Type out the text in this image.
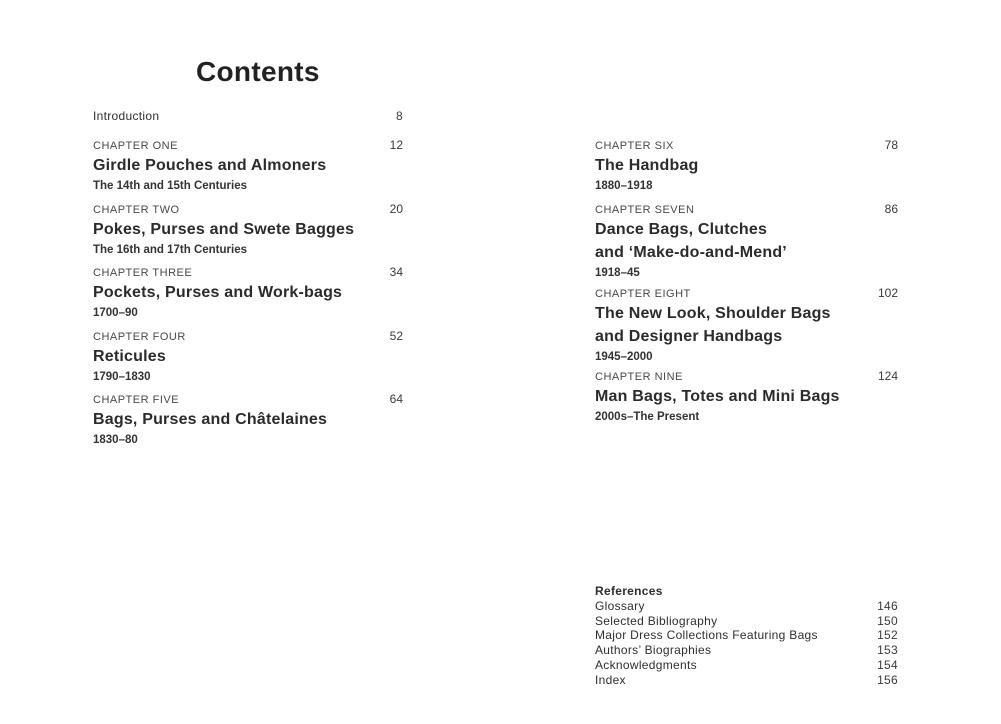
Contents
Introduction	8
CHAPTER ONE	12
Girdle Pouches and Almoners
The 14th and 15th Centuries
CHAPTER TWO	20
Pokes, Purses and Swete Bagges
The 16th and 17th Centuries
CHAPTER THREE	34
Pockets, Purses and Work-bags
1700–90
CHAPTER FOUR	52
Reticules
1790–1830
CHAPTER FIVE	64
Bags, Purses and Châtelaines
1830–80
CHAPTER SIX	78
The Handbag
1880–1918
CHAPTER SEVEN	86
Dance Bags, Clutches
and ‘Make-do-and-Mend’
1918–45
CHAPTER EIGHT	102
The New Look, Shoulder Bags
and Designer Handbags
1945–2000
CHAPTER NINE	124
Man Bags, Totes and Mini Bags
2000s–The Present
References
Glossary	146
Selected Bibliography	150
Major Dress Collections Featuring Bags	152
Authors’ Biographies	153
Acknowledgments	154
Index	156
